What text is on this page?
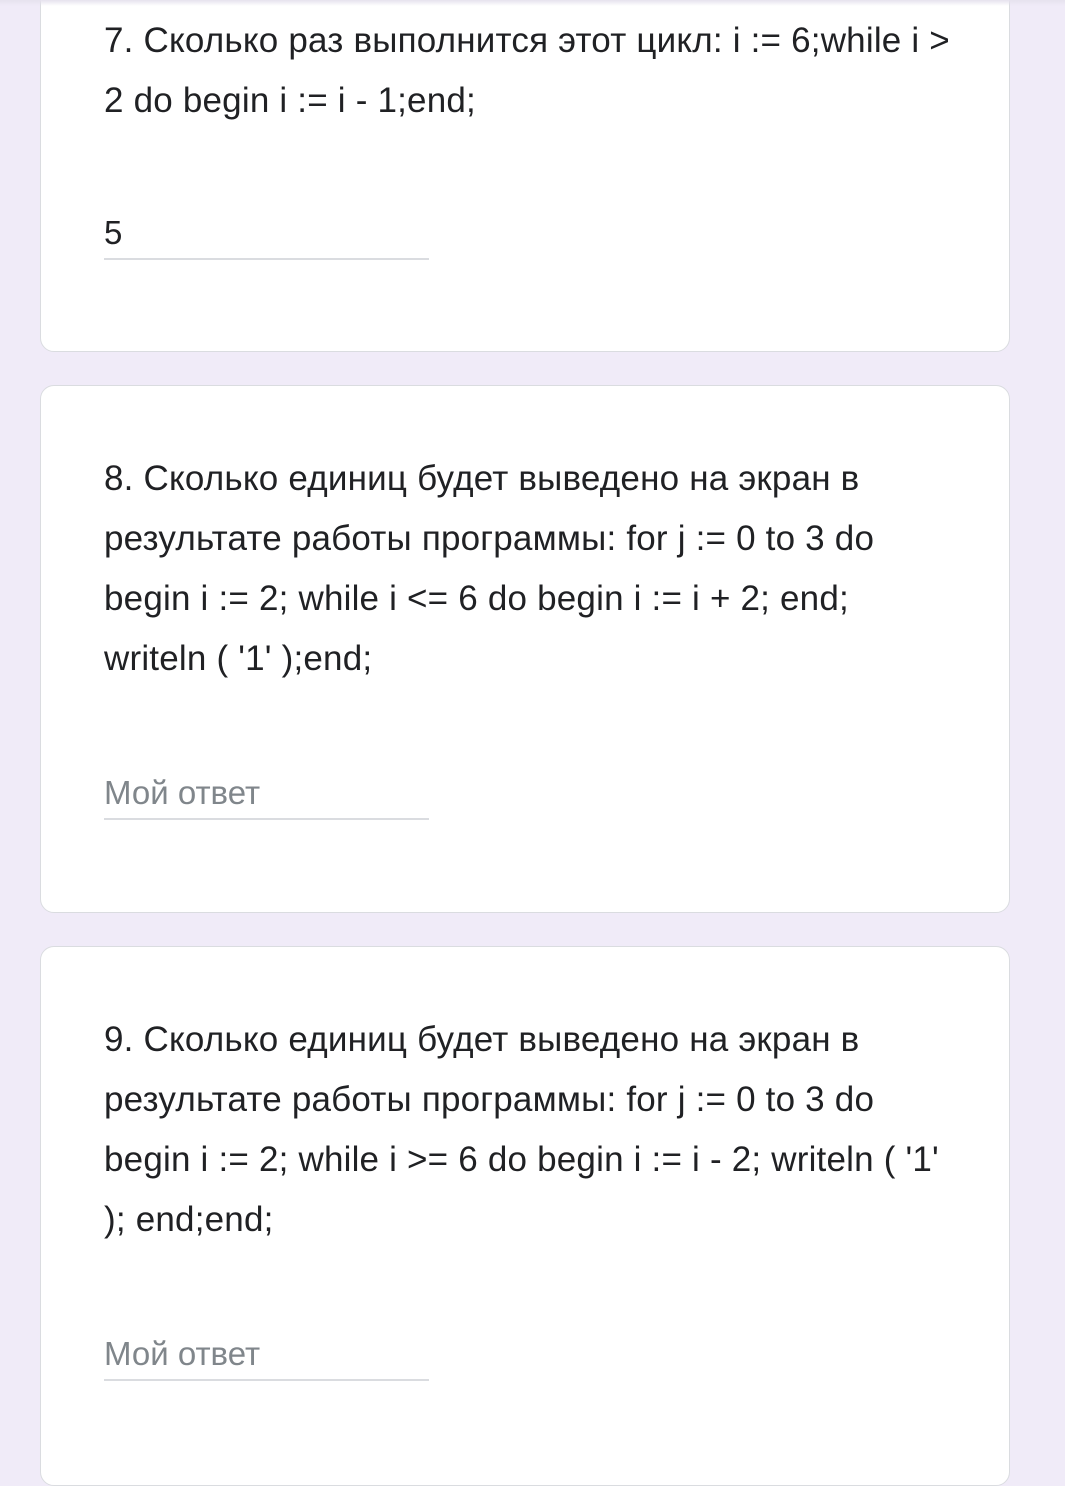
7. Сколько раз выполнится этот цикл: i := 6;while i > 2 do begin i := i - 1;end;

5

8. Сколько единиц будет выведено на экран в результате работы программы: for j := 0 to 3 do begin i := 2; while i <= 6 do begin i := i + 2; end; writeln ( '1' );end;

Мой ответ

9. Сколько единиц будет выведено на экран в результате работы программы: for j := 0 to 3 do begin i := 2; while i >= 6 do begin i := i - 2; writeln ( '1' ); end;end;

Мой ответ
